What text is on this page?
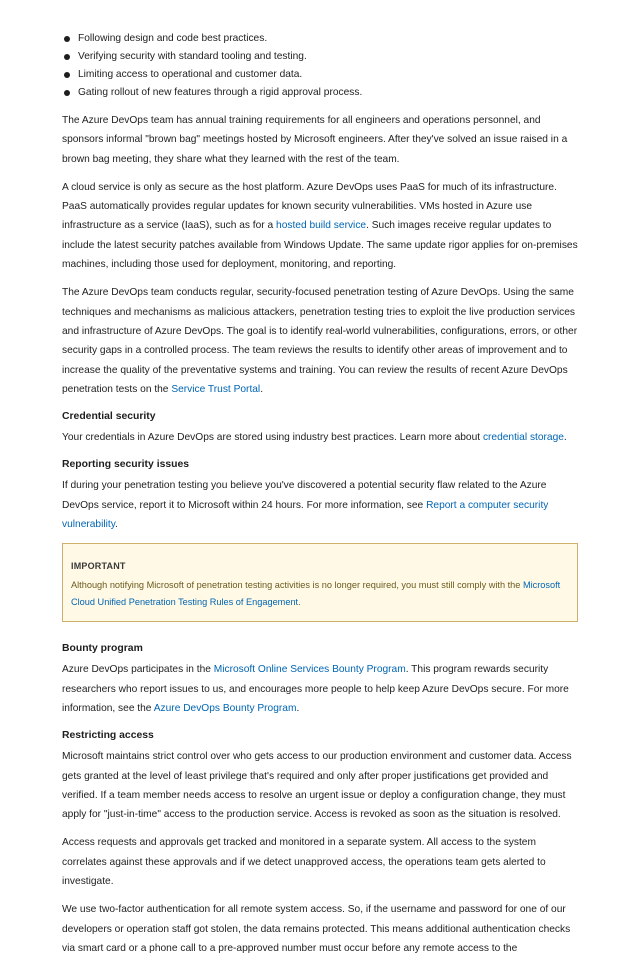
Following design and code best practices.
Verifying security with standard tooling and testing.
Limiting access to operational and customer data.
Gating rollout of new features through a rigid approval process.

The Azure DevOps team has annual training requirements for all engineers and operations personnel, and sponsors informal "brown bag" meetings hosted by Microsoft engineers. After they've solved an issue raised in a brown bag meeting, they share what they learned with the rest of the team.

A cloud service is only as secure as the host platform. Azure DevOps uses PaaS for much of its infrastructure. PaaS automatically provides regular updates for known security vulnerabilities. VMs hosted in Azure use infrastructure as a service (IaaS), such as for a hosted build service. Such images receive regular updates to include the latest security patches available from Windows Update. The same update rigor applies for on-premises machines, including those used for deployment, monitoring, and reporting.

The Azure DevOps team conducts regular, security-focused penetration testing of Azure DevOps. Using the same techniques and mechanisms as malicious attackers, penetration testing tries to exploit the live production services and infrastructure of Azure DevOps. The goal is to identify real-world vulnerabilities, configurations, errors, or other security gaps in a controlled process. The team reviews the results to identify other areas of improvement and to increase the quality of the preventative systems and training. You can review the results of recent Azure DevOps penetration tests on the Service Trust Portal.

Credential security

Your credentials in Azure DevOps are stored using industry best practices. Learn more about credential storage.

Reporting security issues

If during your penetration testing you believe you've discovered a potential security flaw related to the Azure DevOps service, report it to Microsoft within 24 hours. For more information, see Report a computer security vulnerability.

IMPORTANT
Although notifying Microsoft of penetration testing activities is no longer required, you must still comply with the Microsoft Cloud Unified Penetration Testing Rules of Engagement.
Bounty program

Azure DevOps participates in the Microsoft Online Services Bounty Program. This program rewards security researchers who report issues to us, and encourages more people to help keep Azure DevOps secure. For more information, see the Azure DevOps Bounty Program.

Restricting access

Microsoft maintains strict control over who gets access to our production environment and customer data. Access gets granted at the level of least privilege that's required and only after proper justifications get provided and verified. If a team member needs access to resolve an urgent issue or deploy a configuration change, they must apply for "just-in-time" access to the production service. Access is revoked as soon as the situation is resolved.

Access requests and approvals get tracked and monitored in a separate system. All access to the system correlates against these approvals and if we detect unapproved access, the operations team gets alerted to investigate.

We use two-factor authentication for all remote system access. So, if the username and password for one of our developers or operation staff got stolen, the data remains protected. This means additional authentication checks via smart card or a phone call to a pre-approved number must occur before any remote access to the
